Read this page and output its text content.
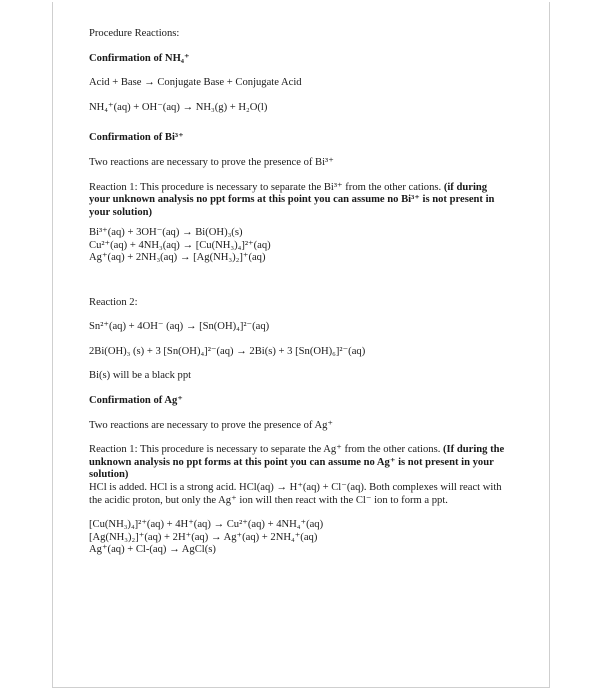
Procedure Reactions:
Confirmation of NH₄⁺
Acid + Base → Conjugate Base + Conjugate Acid
NH₄⁺(aq) + OH⁻(aq) → NH₃(g) + H₂O(l)
Confirmation of Bi³⁺
Two reactions are necessary to prove the presence of Bi³⁺
Reaction 1: This procedure is necessary to separate the Bi³⁺ from the other cations. (if during your unknown analysis no ppt forms at this point you can assume no Bi³⁺ is not present in your solution)
Bi³⁺(aq) + 3OH⁻(aq) → Bi(OH)₃(s)
Cu²⁺(aq) + 4NH₃(aq) → [Cu(NH₃)₄]²⁺(aq)
Ag⁺(aq) + 2NH₃(aq) → [Ag(NH₃)₂]⁺(aq)
Reaction 2:
Sn²⁺(aq) + 4OH⁻ (aq) → [Sn(OH)₄]²⁻(aq)
2Bi(OH)₃ (s) + 3 [Sn(OH)₄]²⁻(aq) → 2Bi(s) + 3 [Sn(OH)₆]²⁻(aq)
Bi(s) will be a black ppt
Confirmation of Ag⁺
Two reactions are necessary to prove the presence of Ag⁺
Reaction 1: This procedure is necessary to separate the Ag⁺ from the other cations. (If during the unknown analysis no ppt forms at this point you can assume no Ag⁺ is not present in your solution)
HCl is added. HCl is a strong acid. HCl(aq) → H⁺(aq) + Cl⁻(aq). Both complexes will react with the acidic proton, but only the Ag⁺ ion will then react with the Cl⁻ ion to form a ppt.
[Cu(NH₃)₄]²⁺(aq) + 4H⁺(aq) → Cu²⁺(aq) + 4NH₄⁺(aq)
[Ag(NH₃)₂]⁺(aq) + 2H⁺(aq) → Ag⁺(aq) + 2NH₄⁺(aq)
Ag⁺(aq) + Cl-(aq) → AgCl(s)
